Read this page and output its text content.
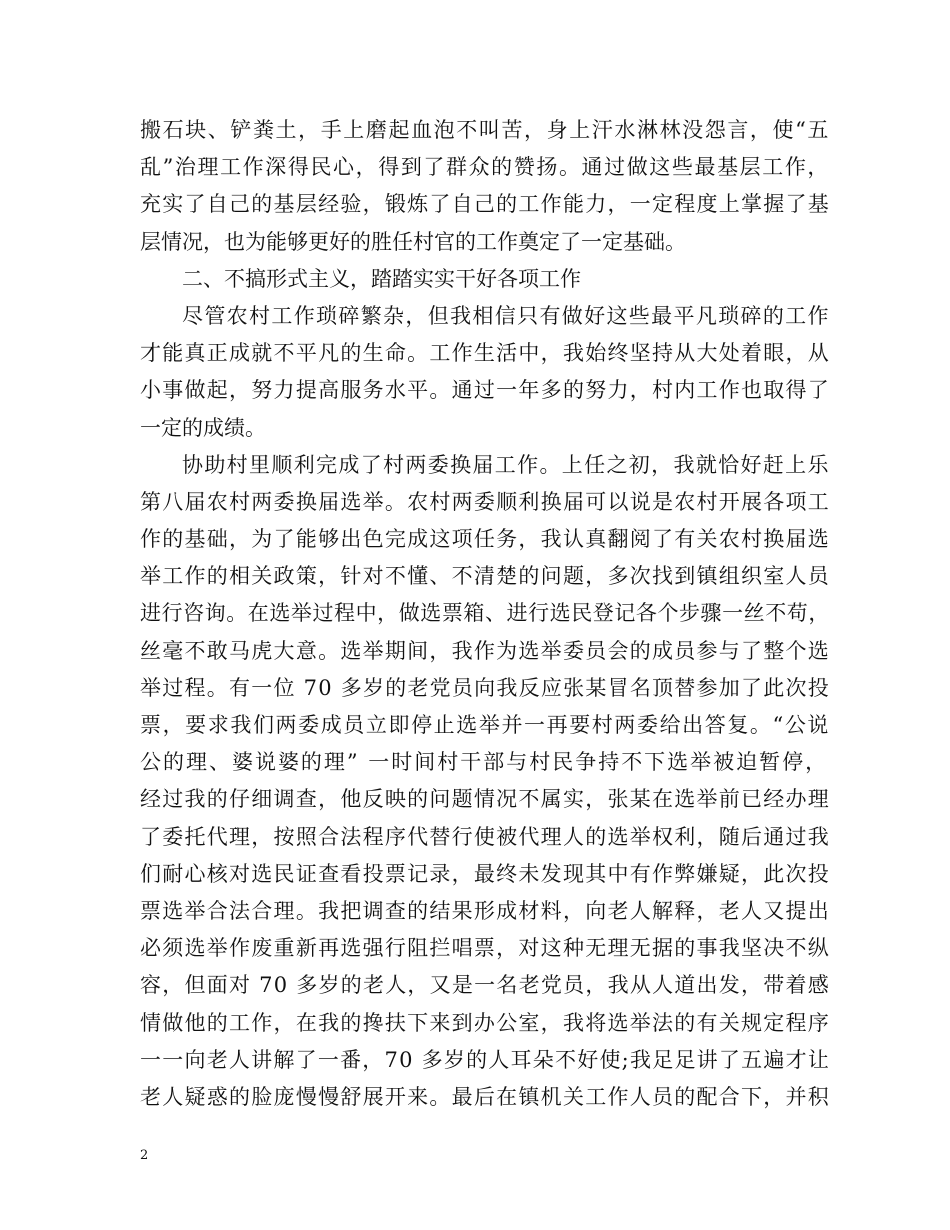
搬石块、铲粪土，手上磨起血泡不叫苦，身上汗水淋林没怨言，使“五
乱”治理工作深得民心，得到了群众的赞扬。通过做这些最基层工作，
充实了自己的基层经验，锻炼了自己的工作能力，一定程度上掌握了基
层情况，也为能够更好的胜任村官的工作奠定了一定基础。
二、不搞形式主义，踏踏实实干好各项工作
尽管农村工作琐碎繁杂，但我相信只有做好这些最平凡琐碎的工作
才能真正成就不平凡的生命。工作生活中，我始终坚持从大处着眼，从
小事做起，努力提高服务水平。通过一年多的努力，村内工作也取得了
一定的成绩。
协助村里顺利完成了村两委换届工作。上任之初，我就恰好赶上乐
第八届农村两委换届选举。农村两委顺利换届可以说是农村开展各项工
作的基础，为了能够出色完成这项任务，我认真翻阅了有关农村换届选
举工作的相关政策，针对不懂、不清楚的问题，多次找到镇组织室人员
进行咨询。在选举过程中，做选票箱、进行选民登记各个步骤一丝不苟，
丝毫不敢马虎大意。选举期间，我作为选举委员会的成员参与了整个选
举过程。有一位 70 多岁的老党员向我反应张某冒名顶替参加了此次投
票，要求我们两委成员立即停止选举并一再要村两委给出答复。“公说
公的理、婆说婆的理” 一时间村干部与村民争持不下选举被迫暂停，
经过我的仔细调查，他反映的问题情况不属实，张某在选举前已经办理
了委托代理，按照合法程序代替行使被代理人的选举权利，随后通过我
们耐心核对选民证查看投票记录，最终未发现其中有作弊嫌疑，此次投
票选举合法合理。我把调查的结果形成材料，向老人解释，老人又提出
必须选举作废重新再选强行阻拦唱票，对这种无理无据的事我坚决不纵
容，但面对 70 多岁的老人，又是一名老党员，我从人道出发，带着感
情做他的工作，在我的搀扶下来到办公室，我将选举法的有关规定程序
一一向老人讲解了一番，70 多岁的人耳朵不好使;我足足讲了五遍才让
老人疑惑的脸庞慢慢舒展开来。最后在镇机关工作人员的配合下，并积
2
